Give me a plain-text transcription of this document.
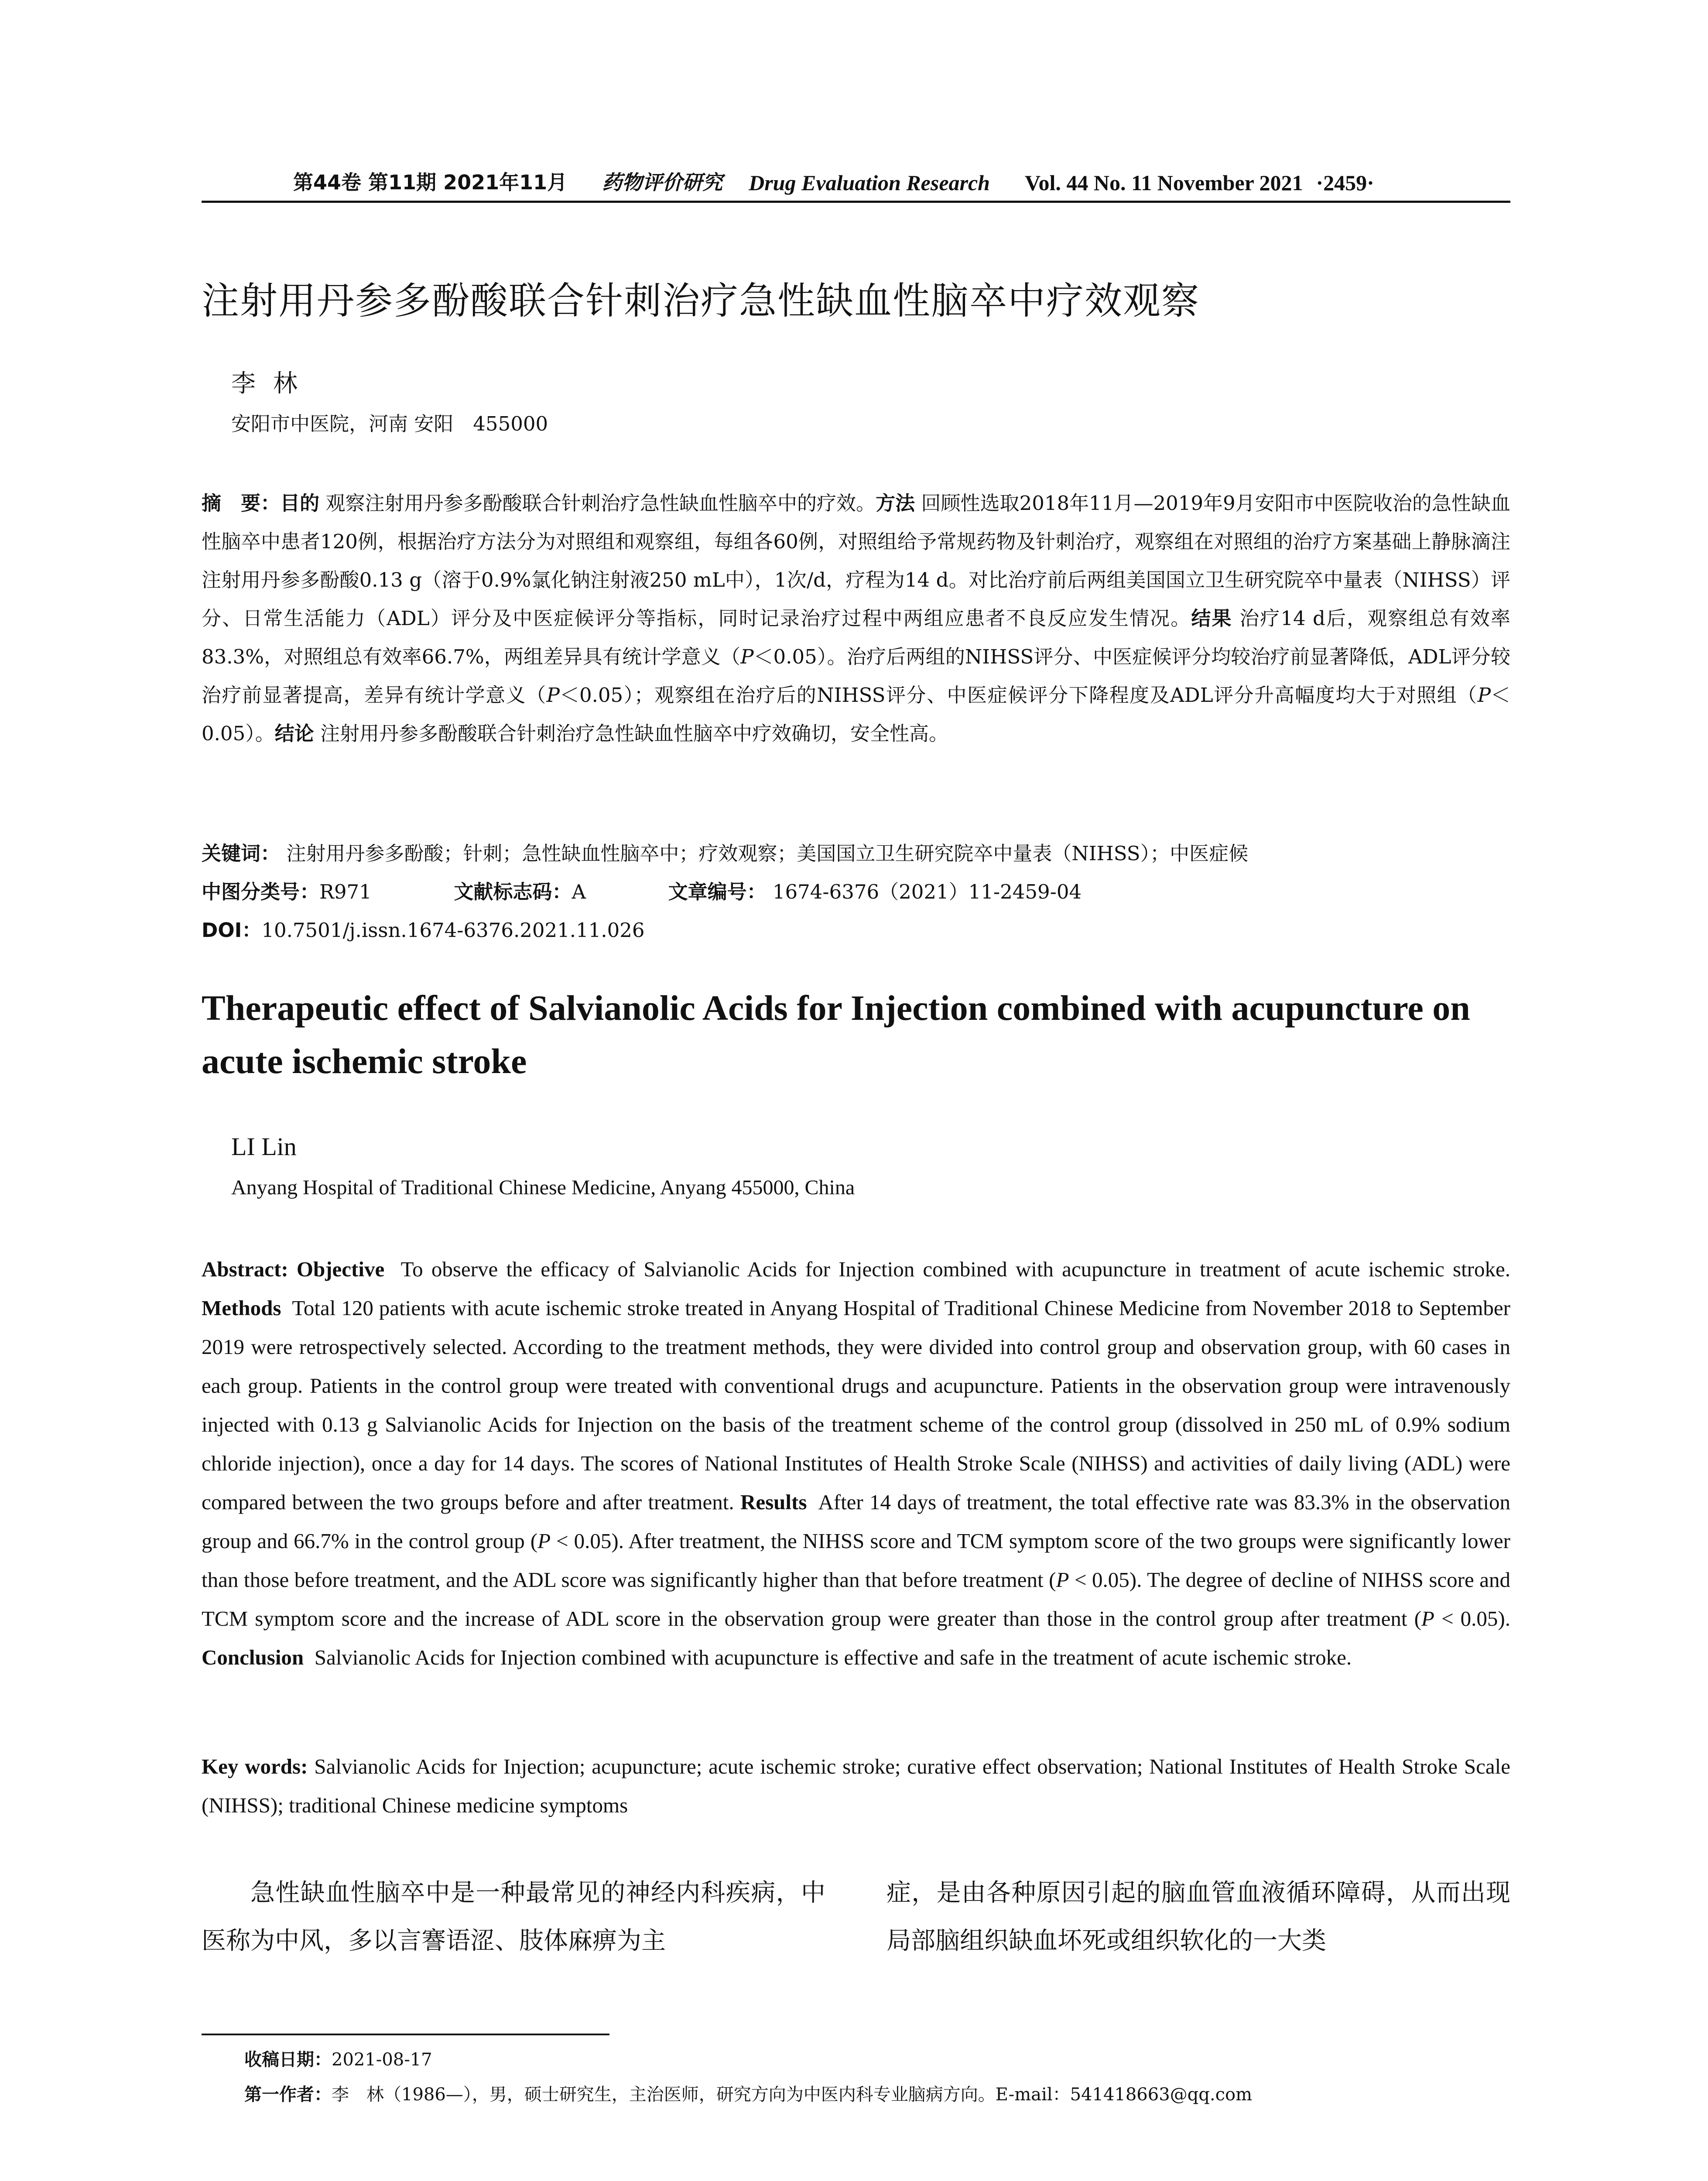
第44卷 第11期 2021年11月 药物评价研究 Drug Evaluation Research Vol. 44 No. 11 November 2021 ·2459·
注射用丹参多酚酸联合针刺治疗急性缺血性脑卒中疗效观察
李林
安阳市中医院，河南 安阳　455000
摘　要：目的 观察注射用丹参多酚酸联合针刺治疗急性缺血性脑卒中的疗效。方法 回顾性选取2018年11月—2019年9月安阳市中医院收治的急性缺血性脑卒中患者120例，根据治疗方法分为对照组和观察组，每组各60例，对照组给予常规药物及针刺治疗，观察组在对照组的治疗方案基础上静脉滴注注射用丹参多酚酸0.13 g（溶于0.9%氯化钠注射液250 mL中），1次/d，疗程为14 d。对比治疗前后两组美国国立卫生研究院卒中量表（NIHSS）评分、日常生活能力（ADL）评分及中医症候评分等指标，同时记录治疗过程中两组应患者不良反应发生情况。结果 治疗14 d后，观察组总有效率83.3%，对照组总有效率66.7%，两组差异具有统计学意义（P＜0.05）。治疗后两组的NIHSS评分、中医症候评分均较治疗前显著降低，ADL评分较治疗前显著提高，差异有统计学意义（P＜0.05）；观察组在治疗后的NIHSS评分、中医症候评分下降程度及ADL评分升高幅度均大于对照组（P＜0.05）。结论 注射用丹参多酚酸联合针刺治疗急性缺血性脑卒中疗效确切，安全性高。
关键词： 注射用丹参多酚酸；针刺；急性缺血性脑卒中；疗效观察；美国国立卫生研究院卒中量表（NIHSS）；中医症候
中图分类号：R971	文献标志码：A	文章编号： 1674-6376（2021）11-2459-04
DOI：10.7501/j.issn.1674-6376.2021.11.026
Therapeutic effect of Salvianolic Acids for Injection combined with acupuncture on acute ischemic stroke
LI Lin
Anyang Hospital of Traditional Chinese Medicine, Anyang 455000, China
Abstract: Objective To observe the efficacy of Salvianolic Acids for Injection combined with acupuncture in treatment of acute ischemic stroke. Methods Total 120 patients with acute ischemic stroke treated in Anyang Hospital of Traditional Chinese Medicine from November 2018 to September 2019 were retrospectively selected. According to the treatment methods, they were divided into control group and observation group, with 60 cases in each group. Patients in the control group were treated with conventional drugs and acupuncture. Patients in the observation group were intravenously injected with 0.13 g Salvianolic Acids for Injection on the basis of the treatment scheme of the control group (dissolved in 250 mL of 0.9% sodium chloride injection), once a day for 14 days. The scores of National Institutes of Health Stroke Scale (NIHSS) and activities of daily living (ADL) were compared between the two groups before and after treatment. Results After 14 days of treatment, the total effective rate was 83.3% in the observation group and 66.7% in the control group (P < 0.05). After treatment, the NIHSS score and TCM symptom score of the two groups were significantly lower than those before treatment, and the ADL score was significantly higher than that before treatment (P < 0.05). The degree of decline of NIHSS score and TCM symptom score and the increase of ADL score in the observation group were greater than those in the control group after treatment (P < 0.05). Conclusion Salvianolic Acids for Injection combined with acupuncture is effective and safe in the treatment of acute ischemic stroke.
Key words: Salvianolic Acids for Injection; acupuncture; acute ischemic stroke; curative effect observation; National Institutes of Health Stroke Scale (NIHSS); traditional Chinese medicine symptoms
急性缺血性脑卒中是一种最常见的神经内科疾病，中医称为中风，多以言謇语涩、肢体麻痹为主
症，是由各种原因引起的脑血管血液循环障碍，从而出现局部脑组织缺血坏死或组织软化的一大类
收稿日期：2021-08-17
第一作者：李　林（1986—），男，硕士研究生，主治医师，研究方向为中医内科专业脑病方向。E-mail：541418663@qq.com
